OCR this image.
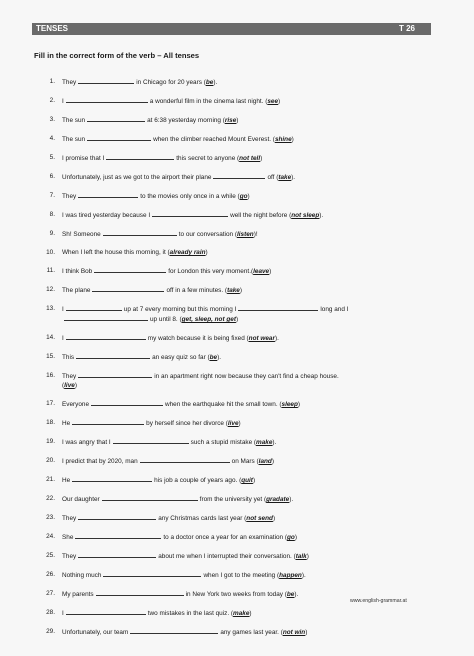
TENSES	T 26
Fill in the correct form of the verb – All tenses
1. They	in Chicago for 20 years (be).
2. I	a wonderful film in the cinema last night. (see)
3. The sun	at 6:38 yesterday morning (rise)
4. The sun	when the climber reached Mount Everest. (shine)
5. I promise that I	this secret to anyone (not tell)
6. Unfortunately, just as we got to the airport their plane	off (take).
7. They	to the movies only once in a while (go)
8. I was tired yesterday because I	well the night before (not sleep).
9. Sh! Someone	to our conversation (listen)!
10. When I left the house this morning, it (already rain)
11. I think Bob	for London this very moment.(leave)
12. The plane	off in a few minutes. (take)
13. I	up at 7 every morning but this morning I	long and I
up until 8. (get, sleep, not get)
14. I	my watch because it is being fixed (not wear).
15. This	an easy quiz so far (be).
16. They	in an apartment right now because they can't find a cheap house.
(live)
17. Everyone	when the earthquake hit the small town. (sleep)
18. He	by herself since her divorce (live)
19. I was angry that I	such a stupid mistake (make).
20. I predict that by 2020, man	on Mars (land)
21. He	his job a couple of years ago. (quit)
22. Our daughter	from the university yet (gradate).
23. They	any Christmas cards last year (not send)
24. She	to a doctor once a year for an examination (go)
25. They	about me when I interrupted their conversation. (talk)
26. Nothing much	when I got to the meeting (happen).
27. My parents	in New York two weeks from today (be).
28. I	two mistakes in the last quiz. (make)
29. Unfortunately, our team	any games last year. (not win)
www.english-grammar.at
